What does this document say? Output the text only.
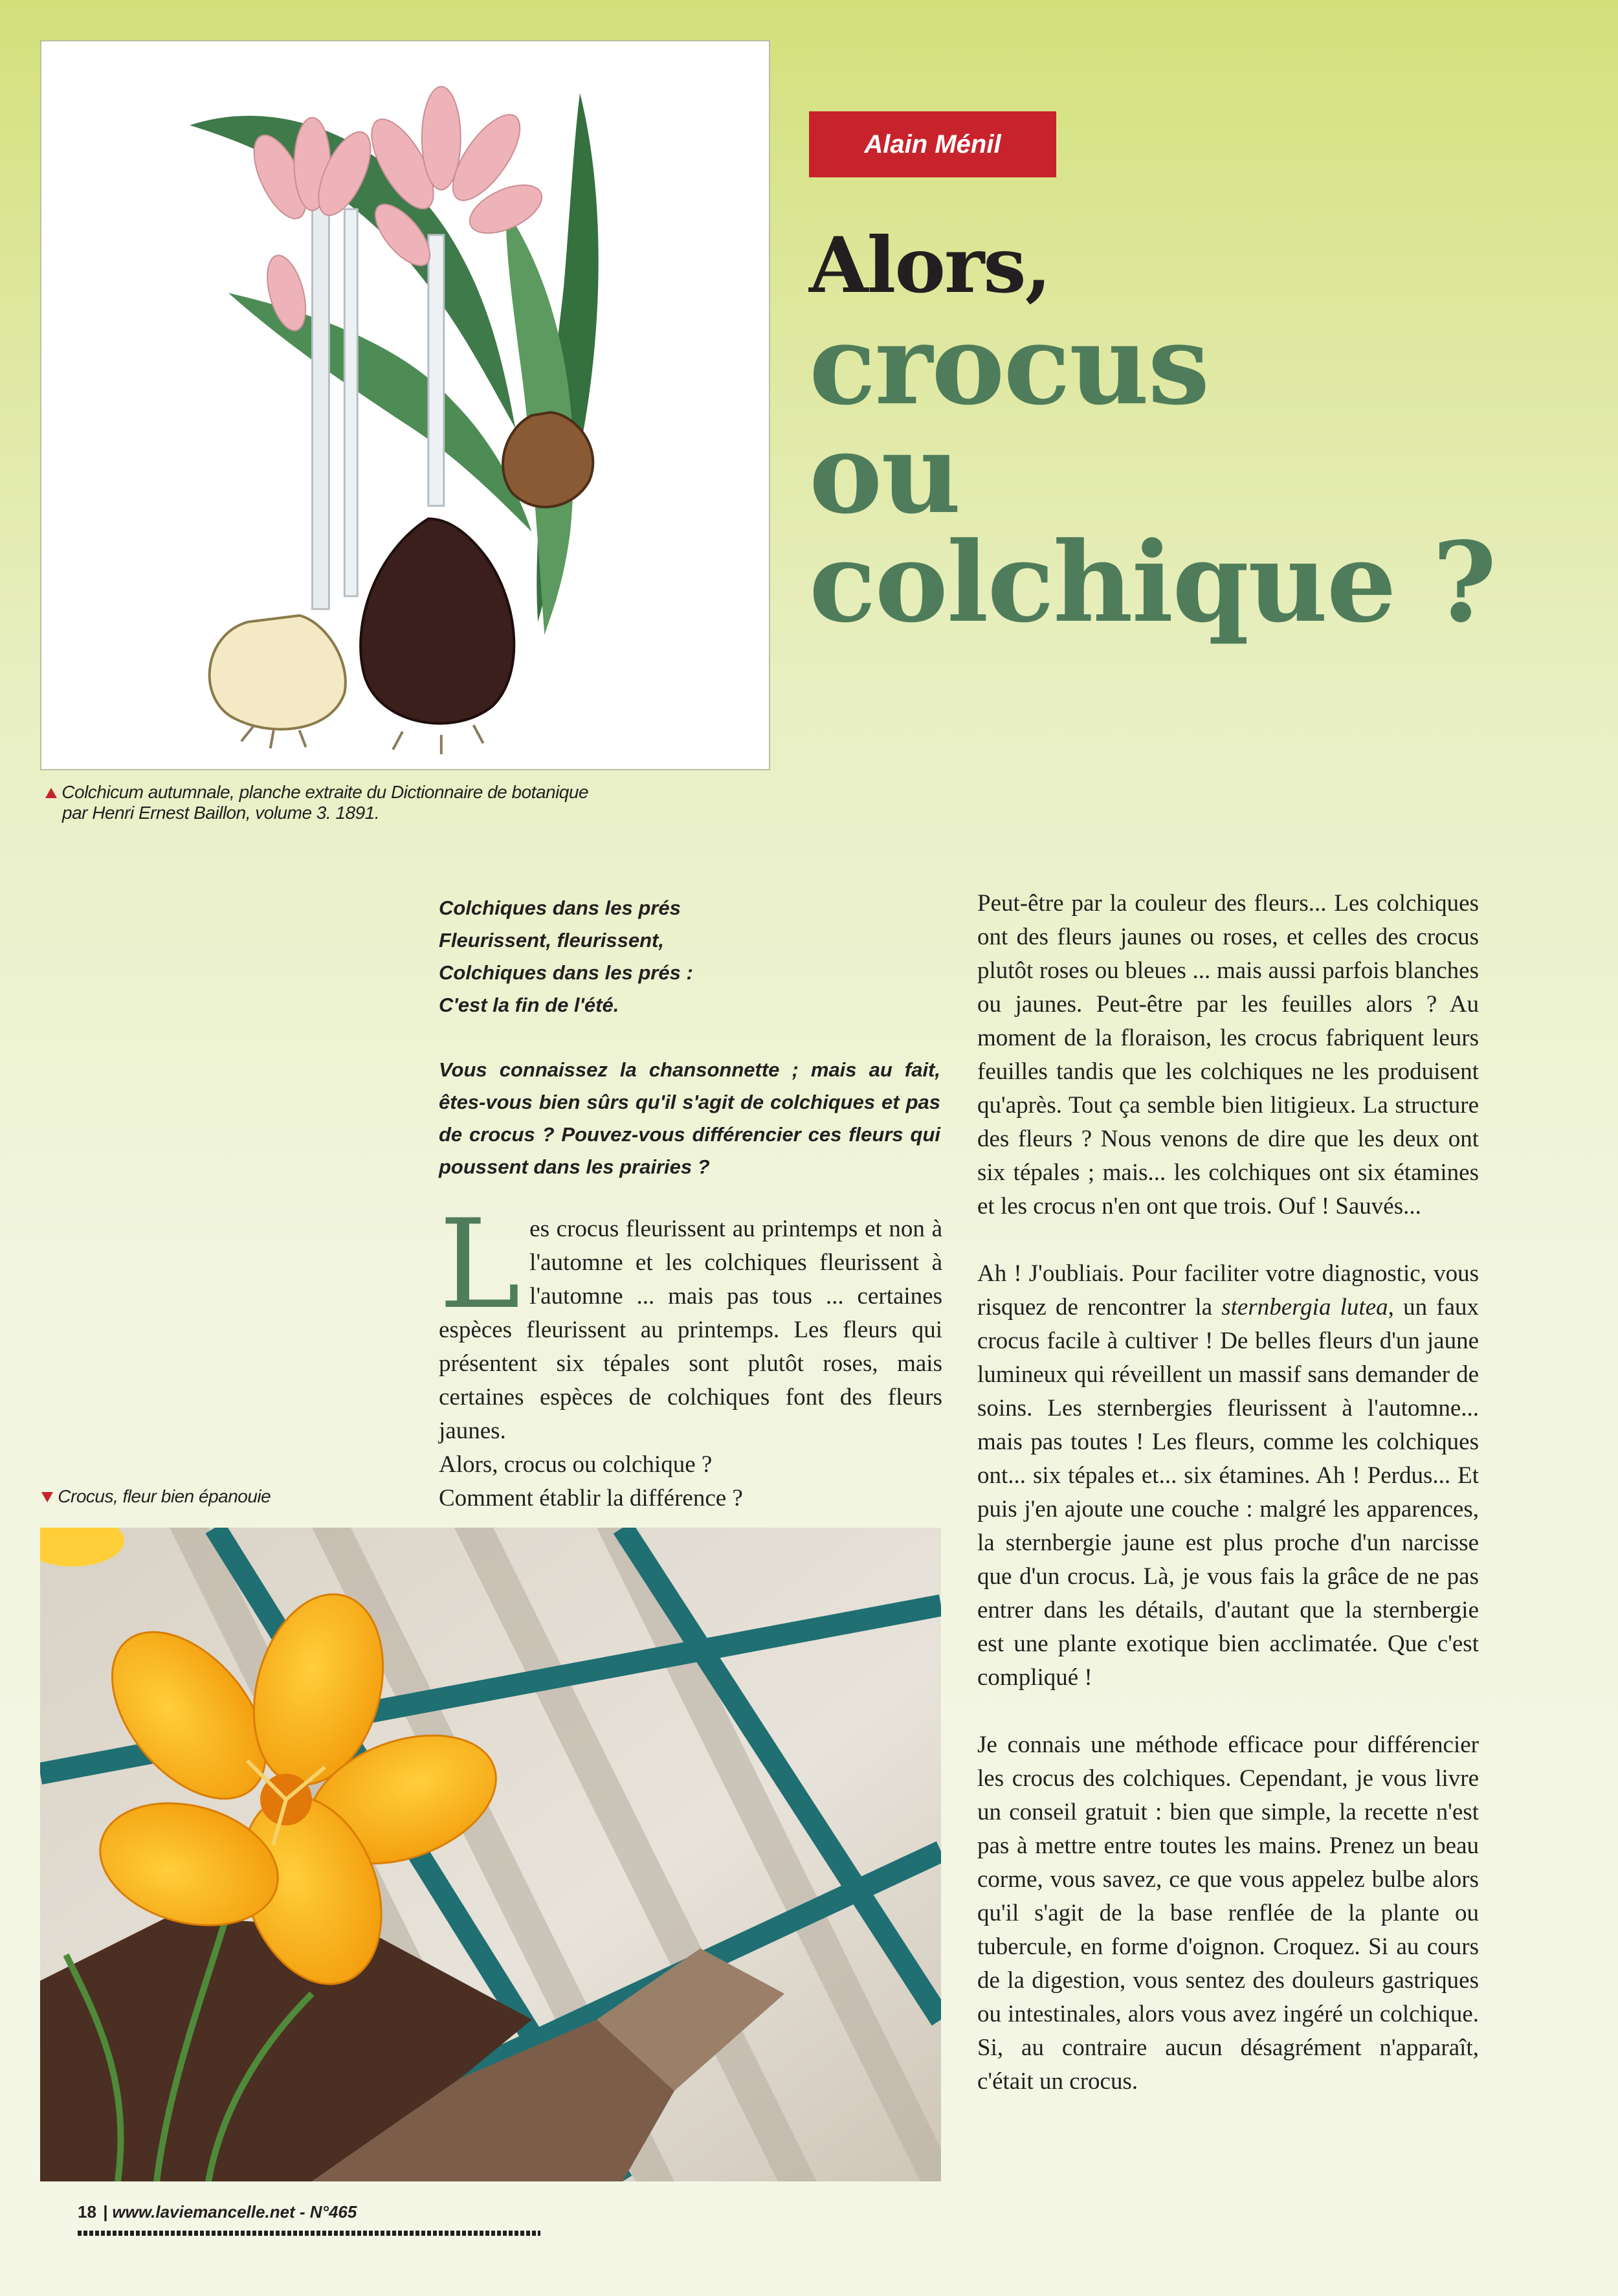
Colchicum autumnale, planche extraite du Dictionnaire de botanique
par Henri Ernest Baillon, volume 3. 1891.
Alain Ménil
Alors,
crocus
ou
colchique ?

Colchiques dans les prés

Fleurissent, fleurissent,

Colchiques dans les prés :

C'est la fin de l'été.

Vous connaissez la chansonnette ; mais au fait, êtes-vous bien sûrs qu'il s'agit de colchiques et pas de crocus ? Pouvez-vous différencier ces fleurs qui poussent dans les prairies ?

L es crocus fleurissent au printemps et non à l'automne et les colchiques fleurissent à l'automne ... mais pas tous ... certaines espèces fleurissent au printemps. Les fleurs qui présentent six tépales sont plutôt roses, mais certaines espèces de colchiques font des fleurs jaunes.

Alors, crocus ou colchique ?

Comment établir la différence ?

Peut-être par la couleur des fleurs... Les colchiques ont des fleurs jaunes ou roses, et celles des crocus plutôt roses ou bleues ... mais aussi parfois blanches ou jaunes. Peut-être par les feuilles alors ? Au moment de la floraison, les crocus fabriquent leurs feuilles tandis que les colchiques ne les produisent qu'après. Tout ça semble bien litigieux. La structure des fleurs ? Nous venons de dire que les deux ont six tépales ; mais... les colchiques ont six étamines et les crocus n'en ont que trois. Ouf ! Sauvés...

Ah ! J'oubliais. Pour faciliter votre diagnostic, vous risquez de rencontrer la sternbergia lutea, un faux crocus facile à cultiver ! De belles fleurs d'un jaune lumineux qui réveillent un massif sans demander de soins. Les sternbergies fleurissent à l'automne... mais pas toutes ! Les fleurs, comme les colchiques ont... six tépales et... six étamines. Ah ! Perdus... Et puis j'en ajoute une couche : malgré les apparences, la sternbergie jaune est plus proche d'un narcisse que d'un crocus. Là, je vous fais la grâce de ne pas entrer dans les détails, d'autant que la sternbergie est une plante exotique bien acclimatée. Que c'est compliqué !

Je connais une méthode efficace pour différencier les crocus des colchiques. Cependant, je vous livre un conseil gratuit : bien que simple, la recette n'est pas à mettre entre toutes les mains. Prenez un beau corme, vous savez, ce que vous appelez bulbe alors qu'il s'agit de la base renflée de la plante ou tubercule, en forme d'oignon. Croquez. Si au cours de la digestion, vous sentez des douleurs gastriques ou intestinales, alors vous avez ingéré un colchique. Si, au contraire aucun désagrément n'apparaît, c'était un crocus.

Crocus, fleur bien épanouie
18 | www.laviemancelle.net - N°465
